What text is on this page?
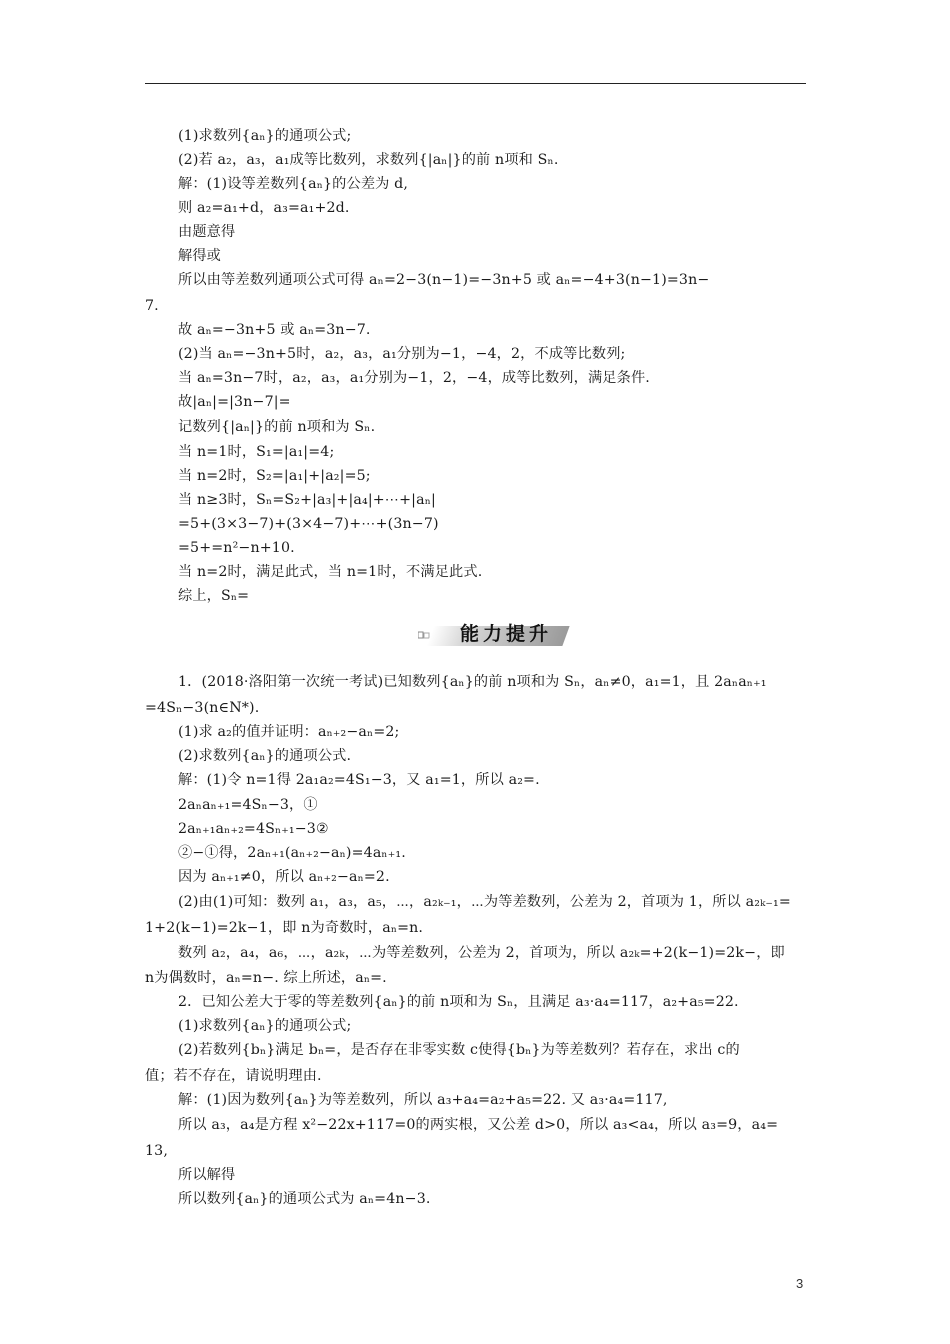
(1)求数列{aₙ}的通项公式;
(2)若 a₂，a₃，a₁成等比数列，求数列{|aₙ|}的前 n项和 Sₙ.
解：(1)设等差数列{aₙ}的公差为 d,
则 a₂=a₁+d，a₃=a₁+2d.
由题意得
解得或
所以由等差数列通项公式可得 aₙ=2−3(n−1)=−3n+5 或 aₙ=−4+3(n−1)=3n−
7.
故 aₙ=−3n+5 或 aₙ=3n−7.
(2)当 aₙ=−3n+5时，a₂，a₃，a₁分别为−1，−4，2，不成等比数列;
当 aₙ=3n−7时，a₂，a₃，a₁分别为−1，2，−4，成等比数列，满足条件.
故|aₙ|=|3n−7|=
记数列{|aₙ|}的前 n项和为 Sₙ.
当 n=1时，S₁=|a₁|=4;
当 n=2时，S₂=|a₁|+|a₂|=5;
当 n≥3时，Sₙ=S₂+|a₃|+|a₄|+⋯+|aₙ|
=5+(3×3−7)+(3×4−7)+⋯+(3n−7)
=5+=n²−n+10.
当 n=2时，满足此式，当 n=1时，不满足此式.
综上，Sₙ=
1．(2018·洛阳第一次统一考试)已知数列{aₙ}的前 n项和为 Sₙ，aₙ≠0，a₁=1，且 2aₙaₙ₊₁
=4Sₙ−3(n∈N*).
(1)求 a₂的值并证明：aₙ₊₂−aₙ=2;
(2)求数列{aₙ}的通项公式.
解：(1)令 n=1得 2a₁a₂=4S₁−3，又 a₁=1，所以 a₂=.
2aₙaₙ₊₁=4Sₙ−3，①
2aₙ₊₁aₙ₊₂=4Sₙ₊₁−3②
②−①得，2aₙ₊₁(aₙ₊₂−aₙ)=4aₙ₊₁.
因为 aₙ₊₁≠0，所以 aₙ₊₂−aₙ=2.
(2)由(1)可知：数列 a₁，a₃，a₅，⋯，a₂ₖ₋₁，⋯为等差数列，公差为 2，首项为 1，所以 a₂ₖ₋₁=
1+2(k−1)=2k−1，即 n为奇数时，aₙ=n.
数列 a₂，a₄，a₆，⋯，a₂ₖ，⋯为等差数列，公差为 2，首项为，所以 a₂ₖ=+2(k−1)=2k−，即
n为偶数时，aₙ=n−. 综上所述，aₙ=.
2．已知公差大于零的等差数列{aₙ}的前 n项和为 Sₙ，且满足 a₃·a₄=117，a₂+a₅=22.
(1)求数列{aₙ}的通项公式;
(2)若数列{bₙ}满足 bₙ=，是否存在非零实数 c使得{bₙ}为等差数列？若存在，求出 c的
值；若不存在，请说明理由.
解：(1)因为数列{aₙ}为等差数列，所以 a₃+a₄=a₂+a₅=22. 又 a₃·a₄=117,
所以 a₃，a₄是方程 x²−22x+117=0的两实根，又公差 d>0，所以 a₃<a₄，所以 a₃=9，a₄=
13,
所以解得
所以数列{aₙ}的通项公式为 aₙ=4n−3.
能力提升
3
